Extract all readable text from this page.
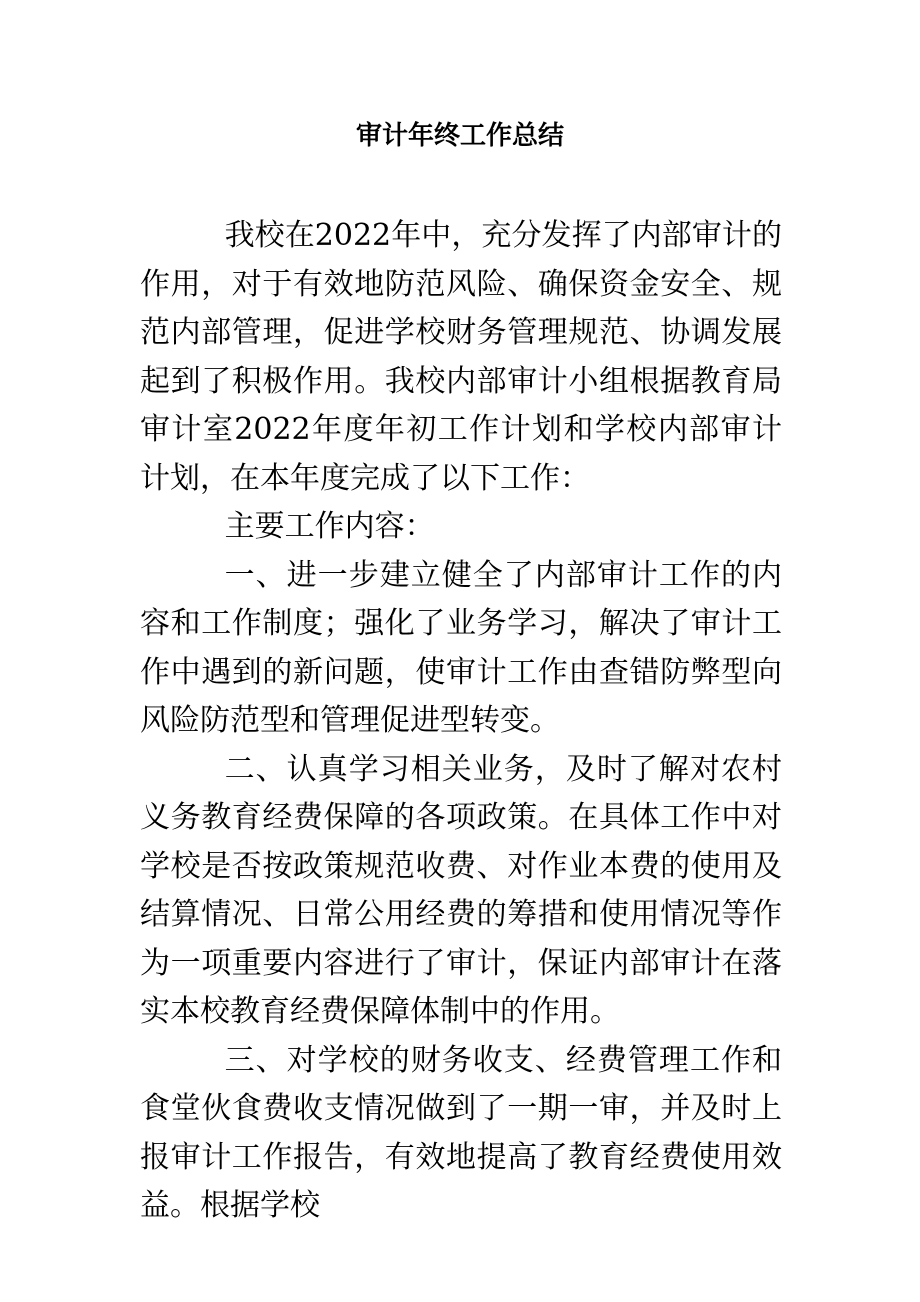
审计年终工作总结

我校在2022年中，充分发挥了内部审计的作用，对于有效地防范风险、确保资金安全、规范内部管理，促进学校财务管理规范、协调发展起到了积极作用。我校内部审计小组根据教育局审计室2022年度年初工作计划和学校内部审计计划，在本年度完成了以下工作：

主要工作内容：

一、进一步建立健全了内部审计工作的内容和工作制度；强化了业务学习，解决了审计工作中遇到的新问题，使审计工作由查错防弊型向风险防范型和管理促进型转变。

二、认真学习相关业务，及时了解对农村义务教育经费保障的各项政策。在具体工作中对学校是否按政策规范收费、对作业本费的使用及结算情况、日常公用经费的筹措和使用情况等作为一项重要内容进行了审计，保证内部审计在落实本校教育经费保障体制中的作用。

三、对学校的财务收支、经费管理工作和食堂伙食费收支情况做到了一期一审，并及时上报审计工作报告，有效地提高了教育经费使用效益。根据学校
